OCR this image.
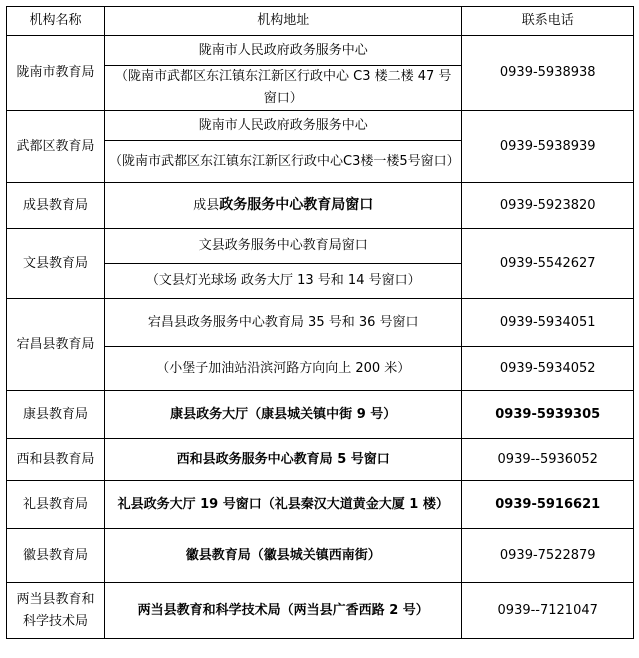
机构名称	机构地址	联系电话
陇南市教育局	陇南市人民政府政务服务中心	0939-5938938
	（陇南市武都区东江镇东江新区行政中心 C3 楼二楼 47 号窗口）	
武都区教育局	陇南市人民政府政务服务中心	0939-5938939
	（陇南市武都区东江镇东江新区行政中心C3楼一楼5号窗口）	
成县教育局	成县政务服务中心教育局窗口	0939-5923820
文县教育局	文县政务服务中心教育局窗口	0939-5542627
	（文县灯光球场 政务大厅 13 号和 14 号窗口）	
宕昌县教育局	宕昌县政务服务中心教育局 35 号和 36 号窗口	0939-5934051
	（小堡子加油站沿滨河路方向向上 200 米）	0939-5934052
康县教育局	康县政务大厅（康县城关镇中街 9 号）	0939-5939305
西和县教育局	西和县政务服务中心教育局 5 号窗口	0939--5936052
礼县教育局	礼县政务大厅 19 号窗口（礼县秦汉大道黄金大厦 1 楼）	0939-5916621
徽县教育局	徽县教育局（徽县城关镇西南街）	0939-7522879
两当县教育和科学技术局	两当县教育和科学技术局（两当县广香西路 2 号）	0939--7121047
